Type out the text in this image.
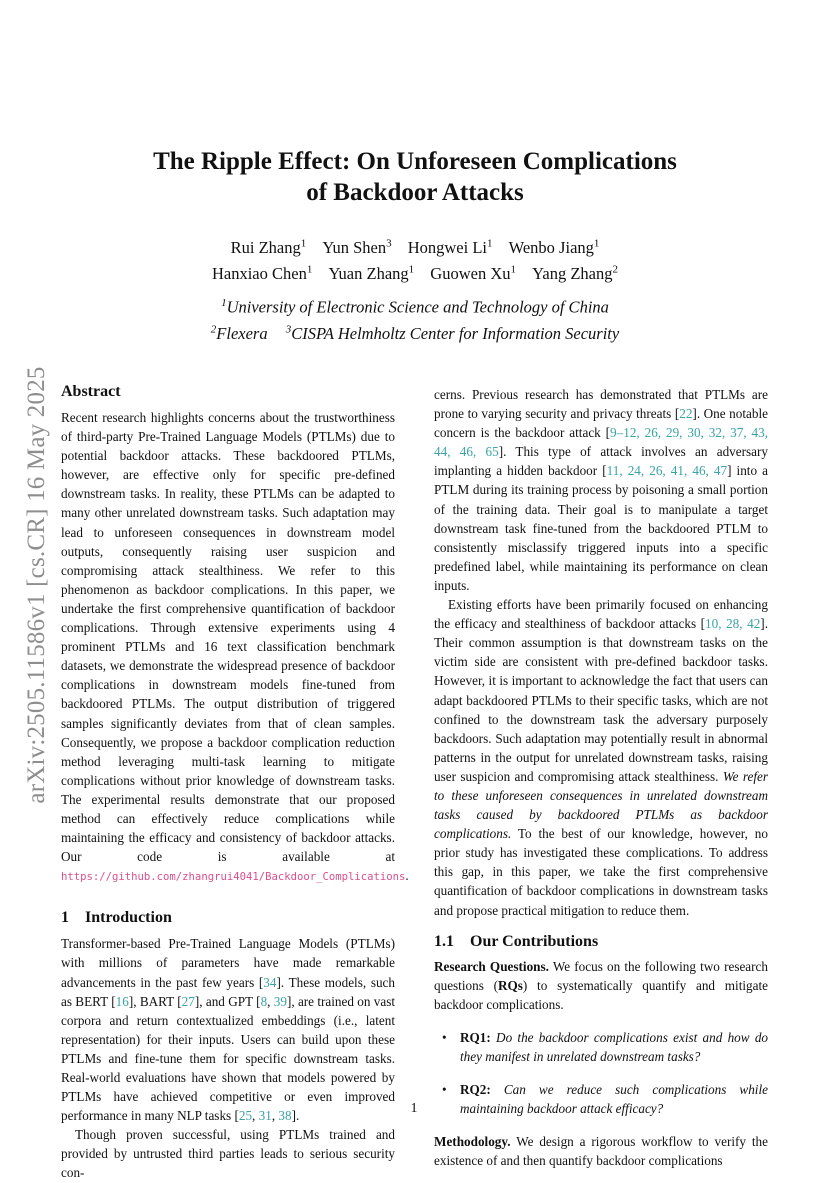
arXiv:2505.11586v1 [cs.CR] 16 May 2025
The Ripple Effect: On Unforeseen Complications
of Backdoor Attacks
Rui Zhang$^1$ Yun Shen$^3$ Hongwei Li$^1$ Wenbo Jiang$^1$
Hanxiao Chen$^1$ Yuan Zhang$^1$ Guowen Xu$^1$ Yang Zhang$^2$
$^1$University of Electronic Science and Technology of China
$^2$Flexera $^3$CISPA Helmholtz Center for Information Security
Abstract

Recent research highlights concerns about the trustworthiness of third-party Pre-Trained Language Models (PTLMs) due to potential backdoor attacks. These backdoored PTLMs, however, are effective only for specific pre-defined downstream tasks. In reality, these PTLMs can be adapted to many other unrelated downstream tasks. Such adaptation may lead to unforeseen consequences in downstream model outputs, consequently raising user suspicion and compromising attack stealthiness. We refer to this phenomenon as backdoor complications. In this paper, we undertake the first comprehensive quantification of backdoor complications. Through extensive experiments using 4 prominent PTLMs and 16 text classification benchmark datasets, we demonstrate the widespread presence of backdoor complications in downstream models fine-tuned from backdoored PTLMs. The output distribution of triggered samples significantly deviates from that of clean samples. Consequently, we propose a backdoor complication reduction method leveraging multi-task learning to mitigate complications without prior knowledge of downstream tasks. The experimental results demonstrate that our proposed method can effectively reduce complications while maintaining the efficacy and consistency of backdoor attacks. Our code is available at https://github.com/zhangrui4041/Backdoor_Complications.

1 Introduction

Transformer-based Pre-Trained Language Models (PTLMs) with millions of parameters have made remarkable advancements in the past few years [34]. These models, such as BERT [16], BART [27], and GPT [8, 39], are trained on vast corpora and return contextualized embeddings (i.e., latent representation) for their inputs. Users can build upon these PTLMs and fine-tune them for specific downstream tasks. Real-world evaluations have shown that models powered by PTLMs have achieved competitive or even improved performance in many NLP tasks [25, 31, 38].

Though proven successful, using PTLMs trained and provided by untrusted third parties leads to serious security con-

cerns. Previous research has demonstrated that PTLMs are prone to varying security and privacy threats [22]. One notable concern is the backdoor attack [9–12, 26, 29, 30, 32, 37, 43, 44, 46, 65]. This type of attack involves an adversary implanting a hidden backdoor [11, 24, 26, 41, 46, 47] into a PTLM during its training process by poisoning a small portion of the training data. Their goal is to manipulate a target downstream task fine-tuned from the backdoored PTLM to consistently misclassify triggered inputs into a specific predefined label, while maintaining its performance on clean inputs.

Existing efforts have been primarily focused on enhancing the efficacy and stealthiness of backdoor attacks [10, 28, 42]. Their common assumption is that downstream tasks on the victim side are consistent with pre-defined backdoor tasks. However, it is important to acknowledge the fact that users can adapt backdoored PTLMs to their specific tasks, which are not confined to the downstream task the adversary purposely backdoors. Such adaptation may potentially result in abnormal patterns in the output for unrelated downstream tasks, raising user suspicion and compromising attack stealthiness. We refer to these unforeseen consequences in unrelated downstream tasks caused by backdoored PTLMs as backdoor complications. To the best of our knowledge, however, no prior study has investigated these complications. To address this gap, in this paper, we take the first comprehensive quantification of backdoor complications in downstream tasks and propose practical mitigation to reduce them.

1.1 Our Contributions

Research Questions. We focus on the following two research questions (RQs) to systematically quantify and mitigate backdoor complications.

• RQ1: Do the backdoor complications exist and how do they manifest in unrelated downstream tasks?
• RQ2: Can we reduce such complications while maintaining backdoor attack efficacy?

Methodology. We design a rigorous workflow to verify the existence of and then quantify backdoor complications

1
